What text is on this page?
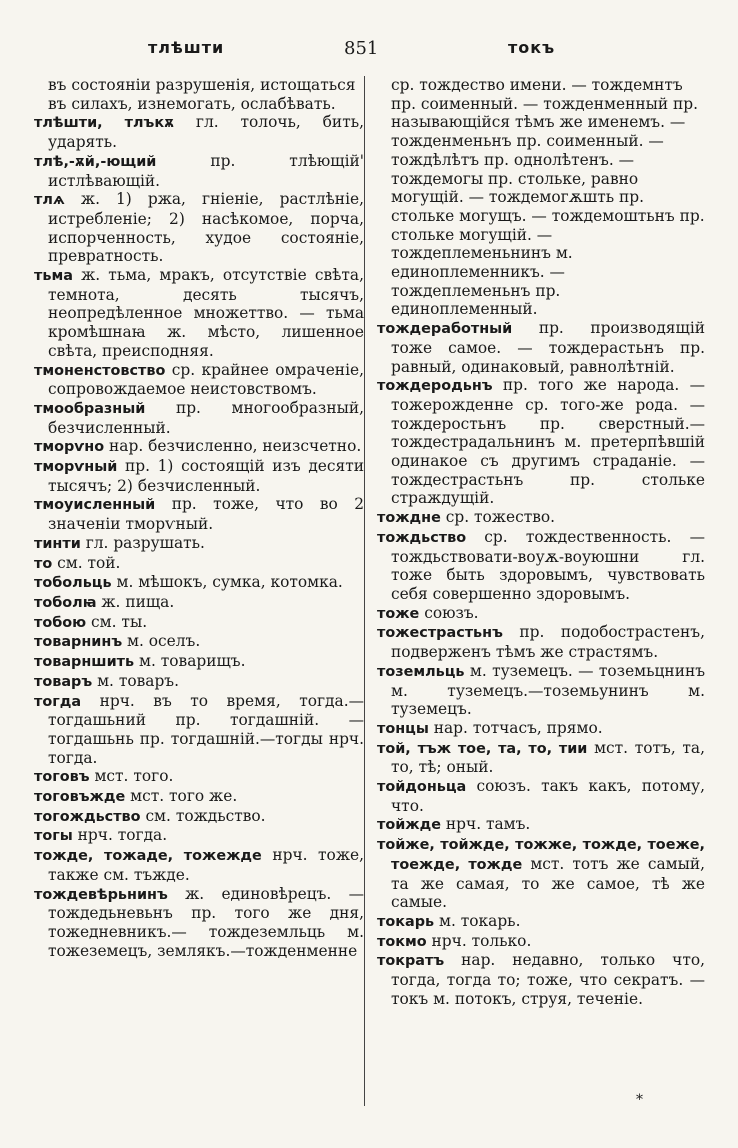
тлѣшти	851	токъ

въ состояніи разрушенія, истощаться въ силахъ, изнемогать, ослабѣвать.

тлѣшти, тлъкѫ гл. толочь, бить, ударять.

тлѣ,-ѫй,-ющий пр. тлѣющій' истлѣвающій.

тлѧ ж. 1) ржа, гніеніе, растлѣніе, истребленіе; 2) насѣкомое, порча, испорченность, худое состояніе, превратность.

тьма ж. тьма, мракъ, отсутствіе свѣта, темнота, десять тысячъ, неопредѣленное множеттво. — тьма кромѣшнаꙗ ж. мѣсто, лишенное свѣта, преисподняя.

тмоненстовство ср. крайнее омраченіе, сопровождаемое неистовствомъ.

тмообразный пр. многообразный, безчисленный.

тморѵно нар. безчисленно, неизсчетно.

тморѵный пр. 1) состоящій изъ десяти тысячъ; 2) безчисленный.

тмоуисленный пр. тоже, что во 2 значеніи тморѵный.

тинти гл. разрушать.

то см. той.

тобольць м. мѣшокъ, сумка, котомка.

тоболꙗ ж. пища.

тобою см. ты.

товарнинъ м. оселъ.

товарншить м. товарищъ.

товаръ м. товаръ.

тогда нрч. въ то время, тогда.—тогдашьний пр. тогдашній. — тогдашьнь пр. тогдашній.—тогды нрч. тогда.

тоговъ мст. того.

тоговъжде мст. того же.

тогождьство см. тождьство.

тогы нрч. тогда.

тожде, тожаде, тожежде нрч. тоже, также см. тъжде.

тождевѣрьнинъ ж. единовѣрецъ. — тождедьневьнъ пр. того же дня, тожедневникъ.— тождеземльць м. тожеземецъ, землякъ.—тожденменне

ср. тождество имени. — тождемнтъ пр. соименный. — тожденменный пр. называющійся тѣмъ же именемъ. — тожденменьнъ пр. соименный. — тождѣлѣтъ пр. однолѣтенъ. — тождемогы пр. стольке, равно могущій. — тождемогѫшть пр. стольке могущъ. — тождемоштьнъ пр. стольке могущій. — тождеплеменьнинъ м. единоплеменникъ. — тождеплеменьнъ пр. единоплеменный.

тождеработный пр. производящій тоже самое. — тождерастьнъ пр. равный, одинаковый, равнолѣтній.

тождеродьнъ пр. того же народа. — тожерожденне ср. того-же рода. — тождеростьнъ пр. сверстный.—тождестрадальнинъ м. претерпѣвшій одинакое съ другимъ страданіе. — тождестрастьнъ пр. стольке страждущій.

тождне ср. тожество.

тождьство ср. тождественность. — тождьствовати-воуѫ-воуюшни гл. тоже быть здоровымъ, чувствовать себя совершенно здоровымъ.

тоже союзъ.

тожестрастьнъ пр. подобострастенъ, подверженъ тѣмъ же страстямъ.

тоземльць м. туземецъ. — тоземьцнинъ м. туземецъ.—тоземьунинъ м. туземецъ.

тонцы нар. тотчасъ, прямо.

той, тъж тое, та, то, тии мст. тотъ, та, то, тѣ; оный.

тойдоньца союзъ. такъ какъ, потому, что.

тойжде нрч. тамъ.

тойже, тойжде, тожже, тожде, тоеже, тоежде, тожде мст. тотъ же самый, та же самая, то же самое, тѣ же самые.

токарь м. токарь.

токмо нрч. только.

тократъ нар. недавно, только что, тогда, тогда то; тоже, что секратъ. — токъ м. потокъ, струя, теченіе.

*
